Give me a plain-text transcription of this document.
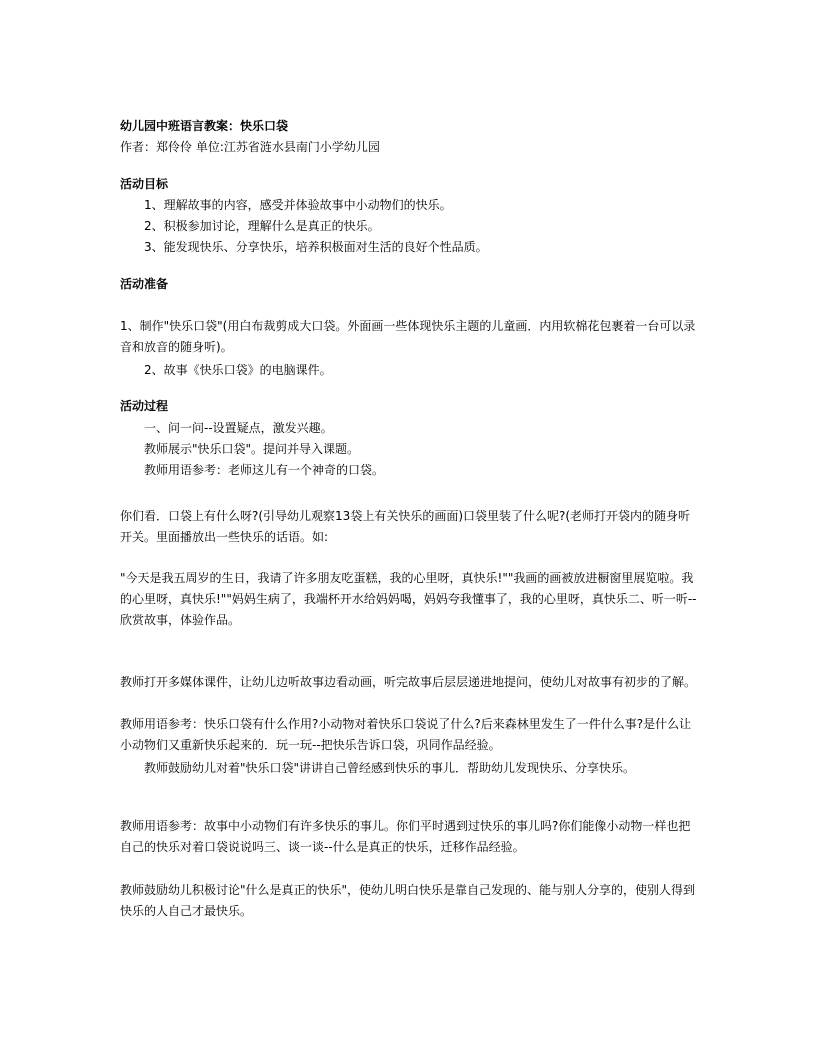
幼儿园中班语言教案：快乐口袋
作者：郑伶伶 单位:江苏省涟水县南门小学幼儿园
活动目标
1、理解故事的内容，感受并体验故事中小动物们的快乐。
2、积极参加讨论，理解什么是真正的快乐。
3、能发现快乐、分享快乐，培养积极面对生活的良好个性品质。
活动准备
1、制作"快乐口袋"(用白布裁剪成大口袋。外面画一些体现快乐主题的儿童画．内用软棉花包裹着一台可以录音和放音的随身听)。
2、故事《快乐口袋》的电脑课件。
活动过程
一、问一问--设置疑点，激发兴趣。
教师展示"快乐口袋"。提问并导入课题。
教师用语参考：老师这儿有一个神奇的口袋。
你们看．口袋上有什么呀?(引导幼儿观察13袋上有关快乐的画面)口袋里装了什么呢?(老师打开袋内的随身听开关。里面播放出一些快乐的话语。如:
"今天是我五周岁的生日，我请了许多朋友吃蛋糕，我的心里呀，真快乐!""我画的画被放进橱窗里展览啦。我的心里呀，真快乐!""妈妈生病了，我端杯开水给妈妈喝，妈妈夸我懂事了，我的心里呀，真快乐二、听一听--欣赏故事，体验作品。
教师打开多媒体课件，让幼儿边听故事边看动画，听完故事后层层递进地提问，使幼儿对故事有初步的了解。
教师用语参考：快乐口袋有什么作用?小动物对着快乐口袋说了什么?后来森林里发生了一件什么事?是什么让小动物们又重新快乐起来的．玩一玩--把快乐告诉口袋，巩同作品经验。
教师鼓励幼儿对着"快乐口袋"讲讲自己曾经感到快乐的事儿．帮助幼儿发现快乐、分享快乐。
教师用语参考：故事中小动物们有许多快乐的事儿。你们平时遇到过快乐的事儿吗?你们能像小动物一样也把自己的快乐对着口袋说说吗三、谈一谈--什么是真正的快乐，迁移作品经验。
教师鼓励幼儿积极讨论"什么是真正的快乐"，使幼儿明白快乐是靠自己发现的、能与别人分享的，使别人得到快乐的人自己才最快乐。
